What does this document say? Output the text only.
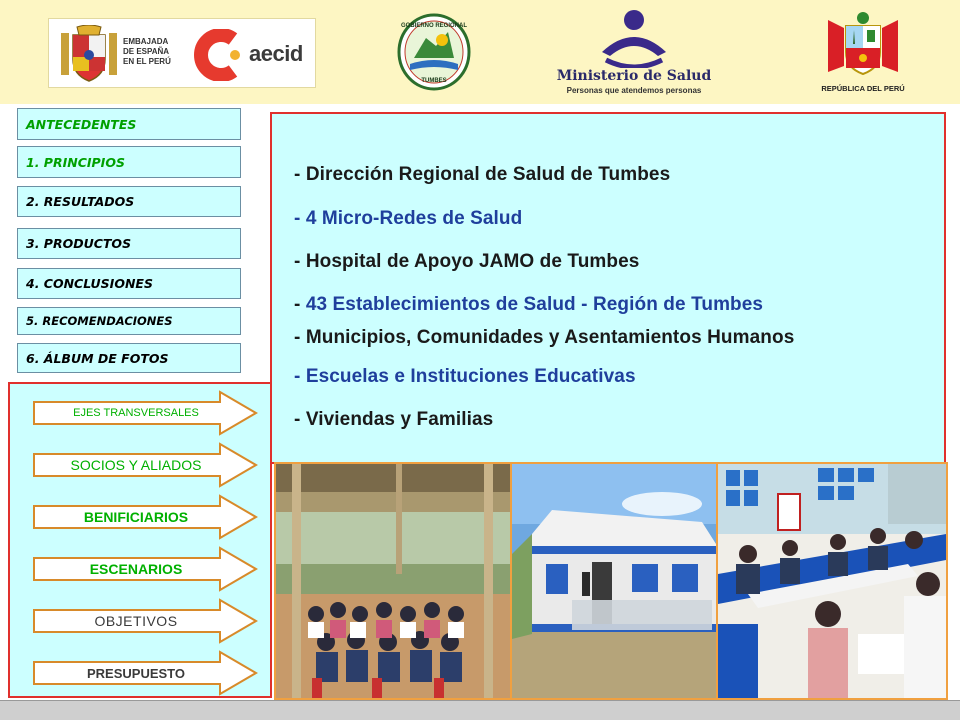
EMBAJADA
DE ESPAÑA
EN EL PERÚ	aecid
GOBIERNO REGIONAL
TUMBES	Ministerio de Salud
Personas que atendemos personas	REPÚBLICA DEL PERÚ
ANTECEDENTES
1. PRINCIPIOS
2. RESULTADOS
3. PRODUCTOS
4. CONCLUSIONES
5. RECOMENDACIONES
6. ÁLBUM DE FOTOS
EJES TRANSVERSALES
SOCIOS Y ALIADOS
BENIFICIARIOS
ESCENARIOS
OBJETIVOS
PRESUPUESTO
- Dirección Regional de Salud de Tumbes
- 4 Micro-Redes de Salud
- Hospital de Apoyo JAMO de Tumbes
- 43 Establecimientos de Salud - Región de Tumbes
- Municipios, Comunidades y Asentamientos Humanos
- Escuelas e Instituciones Educativas
- Viviendas y Familias
